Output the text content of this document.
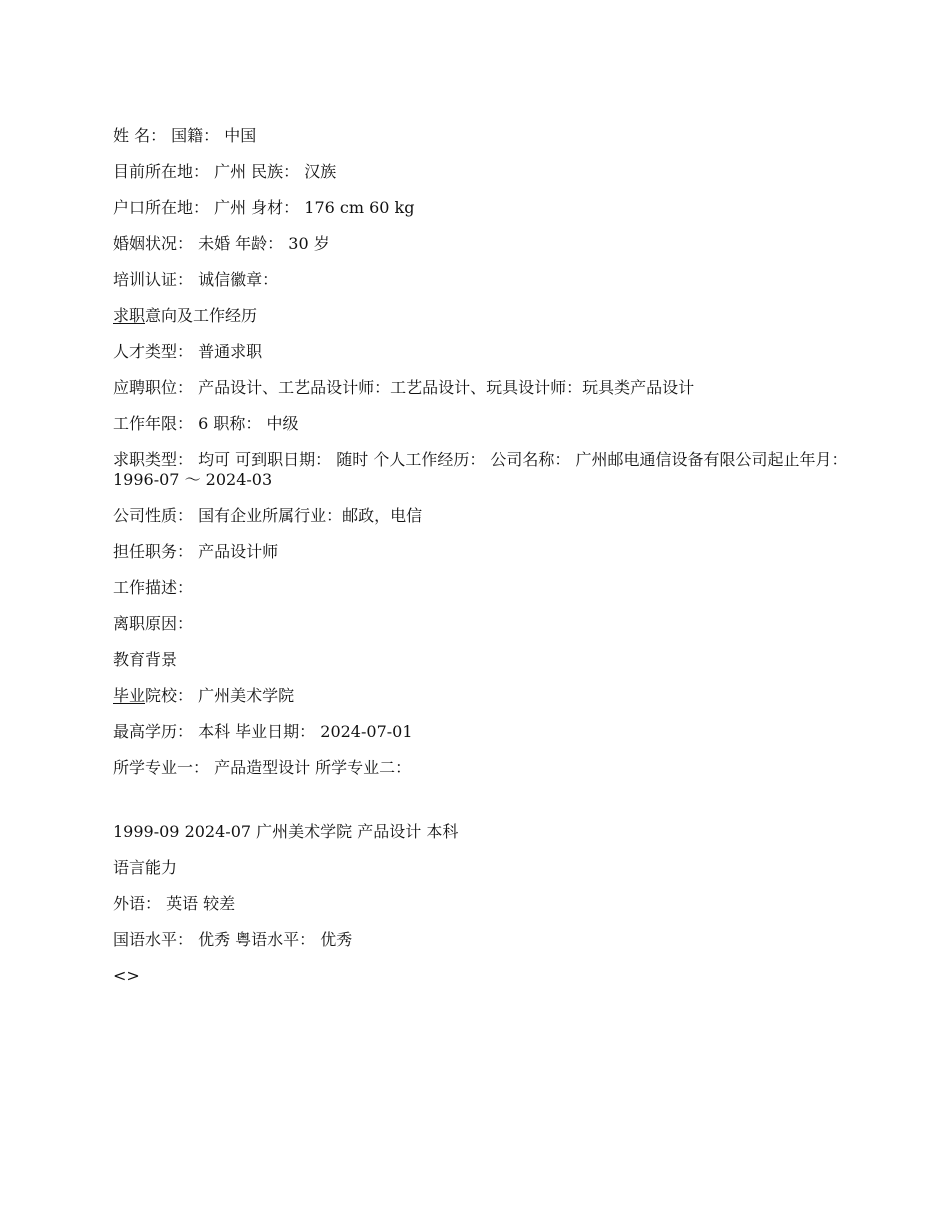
姓 名： 国籍： 中国

目前所在地： 广州 民族： 汉族

户口所在地： 广州 身材： 176 cm 60 kg

婚姻状况： 未婚 年龄： 30 岁

培训认证： 诚信徽章：

求职意向及工作经历

人才类型： 普通求职

应聘职位： 产品设计、工艺品设计师：工艺品设计、玩具设计师：玩具类产品设计

工作年限： 6 职称： 中级

求职类型： 均可 可到职日期： 随时 个人工作经历： 公司名称： 广州邮电通信设备有限公司起止年月：1996-07 ～ 2024-03

公司性质： 国有企业所属行业：邮政，电信

担任职务： 产品设计师

工作描述：

离职原因：

教育背景

毕业院校： 广州美术学院

最高学历： 本科 毕业日期： 2024-07-01

所学专业一： 产品造型设计 所学专业二：

1999-09 2024-07 广州美术学院 产品设计 本科

语言能力

外语： 英语 较差

国语水平： 优秀 粤语水平： 优秀

<>
